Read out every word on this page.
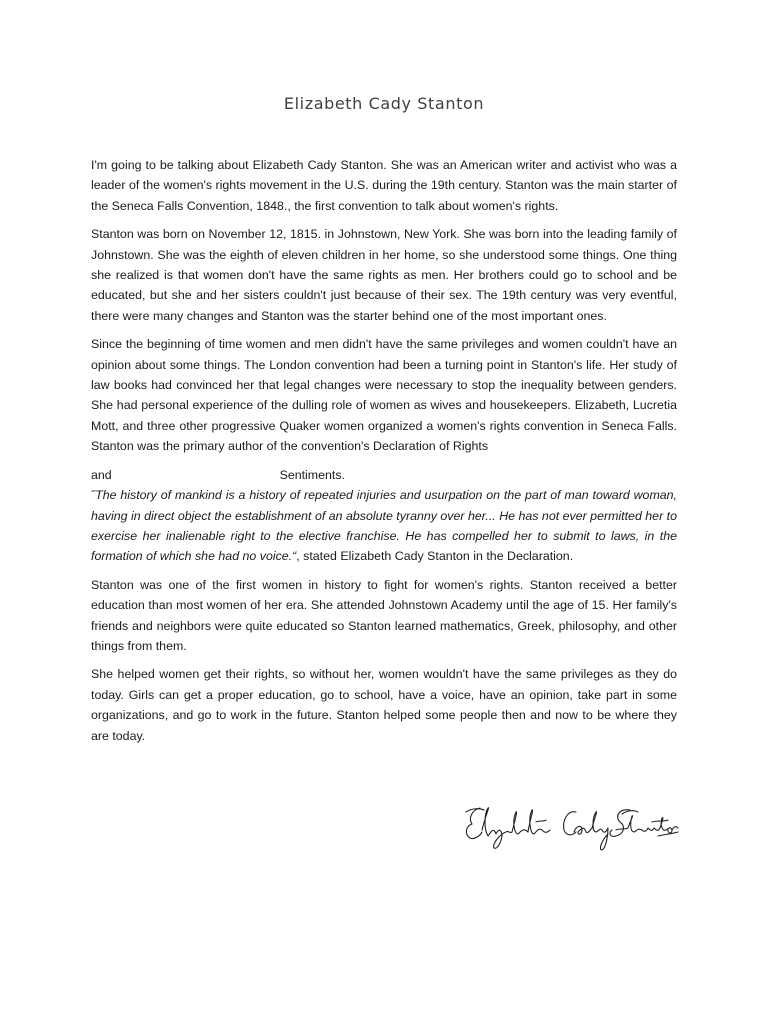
Elizabeth Cady Stanton

I'm going to be talking about Elizabeth Cady Stanton. She was an American writer and activist who was a leader of the women's rights movement in the U.S. during the 19th century. Stanton was the main starter of the Seneca Falls Convention, 1848., the first convention to talk about women's rights.

Stanton was born on November 12, 1815. in Johnstown, New York. She was born into the leading family of Johnstown. She was the eighth of eleven children in her home, so she understood some things. One thing she realized is that women don't have the same rights as men. Her brothers could go to school and be educated, but she and her sisters couldn't just because of their sex. The 19th century was very eventful, there were many changes and Stanton was the starter behind one of the most important ones.

Since the beginning of time women and men didn't have the same privileges and women couldn't have an opinion about some things. The London convention had been a turning point in Stanton's life. Her study of law books had convinced her that legal changes were necessary to stop the inequality between genders. She had personal experience of the dulling role of women as wives and housekeepers. Elizabeth, Lucretia Mott, and three other progressive Quaker women organized a women's rights convention in Seneca Falls. Stanton was the primary author of the convention's Declaration of Rights

and	Sentiments.

˝The history of mankind is a history of repeated injuries and usurpation on the part of man toward woman, having in direct object the establishment of an absolute tyranny over her... He has not ever permitted her to exercise her inalienable right to the elective franchise. He has compelled her to submit to laws, in the formation of which she had no voice.“, stated Elizabeth Cady Stanton in the Declaration.

Stanton was one of the first women in history to fight for women's rights. Stanton received a better education than most women of her era. She attended Johnstown Academy until the age of 15. Her family's friends and neighbors were quite educated so Stanton learned mathematics, Greek, philosophy, and other things from them.

She helped women get their rights, so without her, women wouldn't have the same privileges as they do today. Girls can get a proper education, go to school, have a voice, have an opinion, take part in some organizations, and go to work in the future. Stanton helped some people then and now to be where they are today.
